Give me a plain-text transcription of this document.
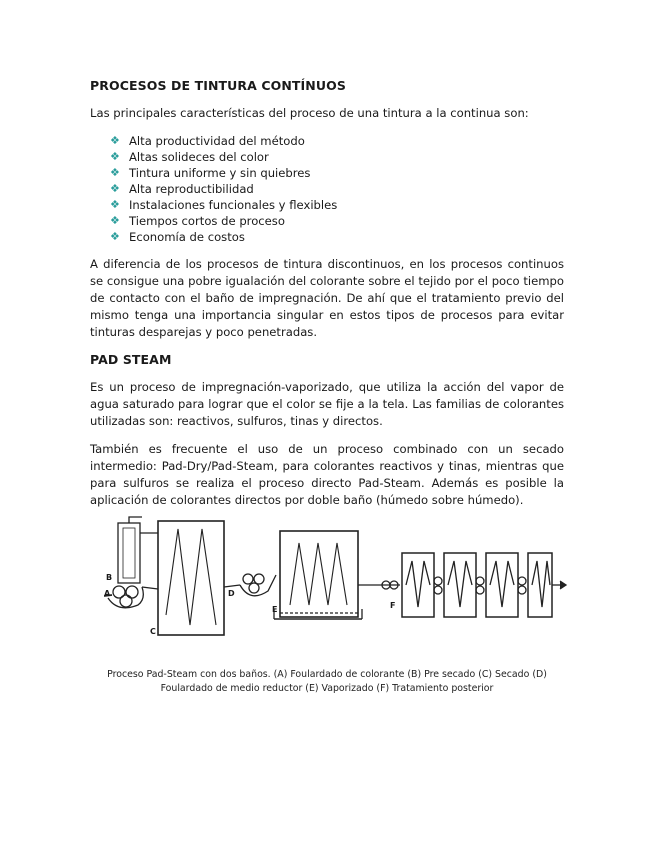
PROCESOS DE TINTURA CONTÍNUOS

Las principales características del proceso de una tintura a la continua son:

❖ Alta productividad del método
❖ Altas solideces del color
❖ Tintura uniforme y sin quiebres
❖ Alta reproductibilidad
❖ Instalaciones funcionales y flexibles
❖ Tiempos cortos de proceso
❖ Economía de costos

A diferencia de los procesos de tintura discontinuos, en los procesos continuos se consigue una pobre igualación del colorante sobre el tejido por el poco tiempo de contacto con el baño de impregnación. De ahí que el tratamiento previo del mismo tenga una importancia singular en estos tipos de procesos para evitar tinturas desparejas y poco penetradas.

PAD STEAM

Es un proceso de impregnación-vaporizado, que utiliza la acción del vapor de agua saturado para lograr que el color se fije a la tela. Las familias de colorantes utilizadas son: reactivos, sulfuros, tinas y directos.

También es frecuente el uso de un proceso combinado con un secado intermedio: Pad-Dry/Pad-Steam, para colorantes reactivos y tinas, mientras que para sulfuros se realiza el proceso directo Pad-Steam. Además es posible la aplicación de colorantes directos por doble baño (húmedo sobre húmedo).

A
B
C
D
E	F
Proceso Pad-Steam con dos baños. (A) Foulardado de colorante (B) Pre secado (C) Secado (D)
Foulardado de medio reductor (E) Vaporizado (F) Tratamiento posterior
